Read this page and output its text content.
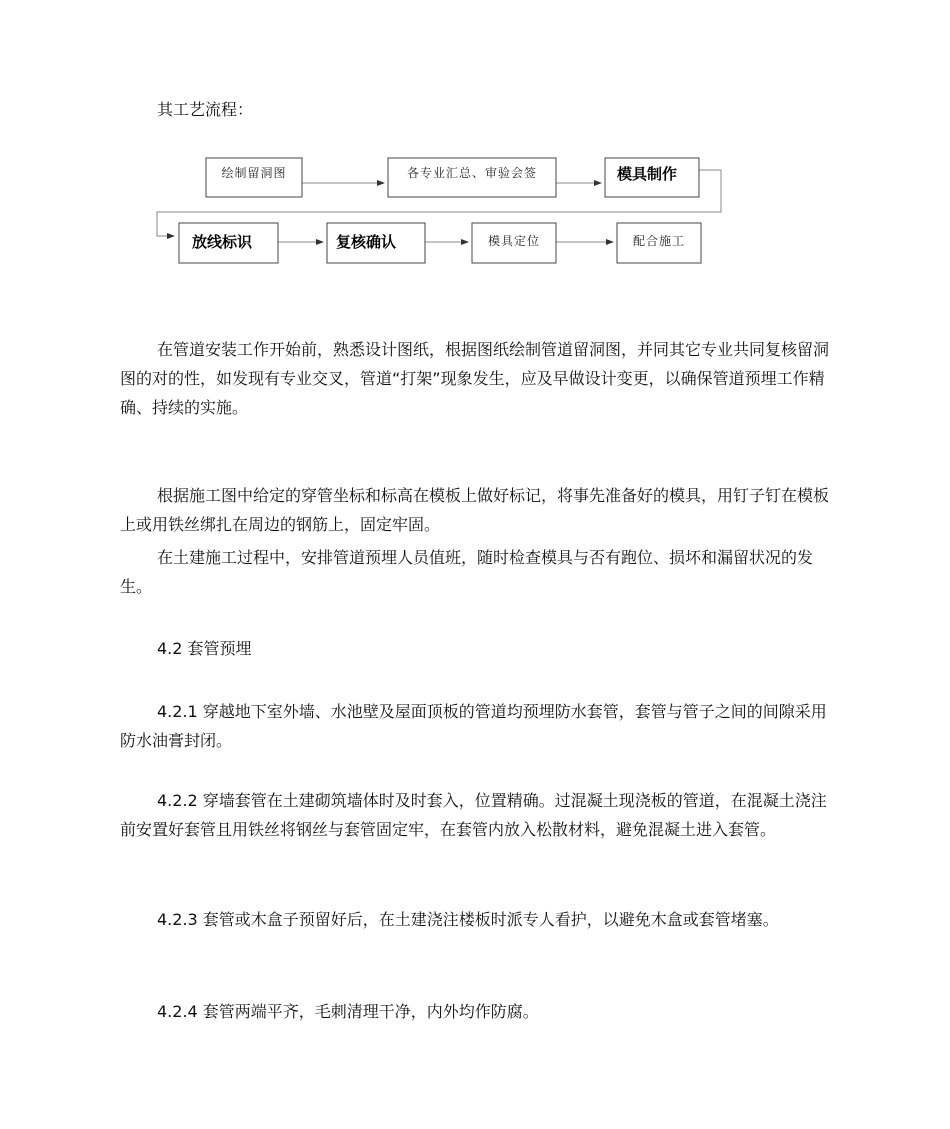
其工艺流程：

绘制留洞图	各专业汇总、审验会签	模具制作
放线标识	复核确认	模具定位	配合施工

在管道安装工作开始前，熟悉设计图纸，根据图纸绘制管道留洞图，并同其它专业共同复核留洞图的对的性，如发现有专业交叉，管道“打架”现象发生，应及早做设计变更，以确保管道预埋工作精确、持续的实施。

根据施工图中给定的穿管坐标和标高在模板上做好标记，将事先准备好的模具，用钉子钉在模板上或用铁丝绑扎在周边的钢筋上，固定牢固。

在土建施工过程中，安排管道预埋人员值班，随时检查模具与否有跑位、损坏和漏留状况的发生。

4.2 套管预埋

4.2.1 穿越地下室外墙、水池壁及屋面顶板的管道均预埋防水套管，套管与管子之间的间隙采用防水油膏封闭。

4.2.2 穿墙套管在土建砌筑墙体时及时套入，位置精确。过混凝土现浇板的管道，在混凝土浇注前安置好套管且用铁丝将钢丝与套管固定牢，在套管内放入松散材料，避免混凝土进入套管。

4.2.3 套管或木盒子预留好后，在土建浇注楼板时派专人看护，以避免木盒或套管堵塞。

4.2.4 套管两端平齐，毛刺清理干净，内外均作防腐。
